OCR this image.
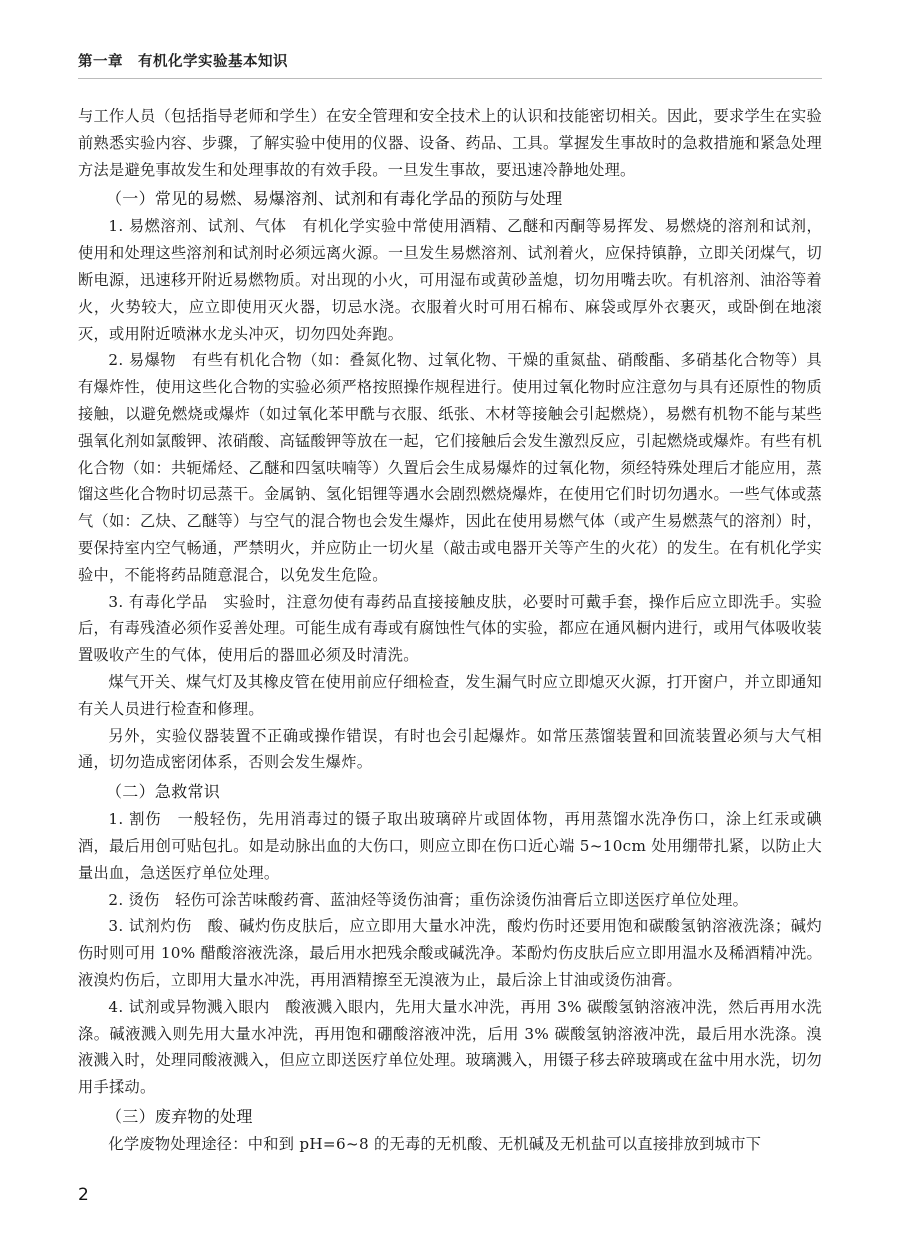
第一章　有机化学实验基本知识

与工作人员（包括指导老师和学生）在安全管理和安全技术上的认识和技能密切相关。因此，要求学生在实验前熟悉实验内容、步骤，了解实验中使用的仪器、设备、药品、工具。掌握发生事故时的急救措施和紧急处理方法是避免事故发生和处理事故的有效手段。一旦发生事故，要迅速冷静地处理。

（一）常见的易燃、易爆溶剂、试剂和有毒化学品的预防与处理

1. 易燃溶剂、试剂、气体　有机化学实验中常使用酒精、乙醚和丙酮等易挥发、易燃烧的溶剂和试剂，使用和处理这些溶剂和试剂时必须远离火源。一旦发生易燃溶剂、试剂着火，应保持镇静，立即关闭煤气，切断电源，迅速移开附近易燃物质。对出现的小火，可用湿布或黄砂盖熄，切勿用嘴去吹。有机溶剂、油浴等着火，火势较大，应立即使用灭火器，切忌水浇。衣服着火时可用石棉布、麻袋或厚外衣裹灭，或卧倒在地滚灭，或用附近喷淋水龙头冲灭，切勿四处奔跑。

2. 易爆物　有些有机化合物（如：叠氮化物、过氧化物、干燥的重氮盐、硝酸酯、多硝基化合物等）具有爆炸性，使用这些化合物的实验必须严格按照操作规程进行。使用过氧化物时应注意勿与具有还原性的物质接触，以避免燃烧或爆炸（如过氧化苯甲酰与衣服、纸张、木材等接触会引起燃烧），易燃有机物不能与某些强氧化剂如氯酸钾、浓硝酸、高锰酸钾等放在一起，它们接触后会发生激烈反应，引起燃烧或爆炸。有些有机化合物（如：共轭烯烃、乙醚和四氢呋喃等）久置后会生成易爆炸的过氧化物，须经特殊处理后才能应用，蒸馏这些化合物时切忌蒸干。金属钠、氢化铝锂等遇水会剧烈燃烧爆炸，在使用它们时切勿遇水。一些气体或蒸气（如：乙炔、乙醚等）与空气的混合物也会发生爆炸，因此在使用易燃气体（或产生易燃蒸气的溶剂）时，要保持室内空气畅通，严禁明火，并应防止一切火星（敲击或电器开关等产生的火花）的发生。在有机化学实验中，不能将药品随意混合，以免发生危险。

3. 有毒化学品　实验时，注意勿使有毒药品直接接触皮肤，必要时可戴手套，操作后应立即洗手。实验后，有毒残渣必须作妥善处理。可能生成有毒或有腐蚀性气体的实验，都应在通风橱内进行，或用气体吸收装置吸收产生的气体，使用后的器皿必须及时清洗。

煤气开关、煤气灯及其橡皮管在使用前应仔细检查，发生漏气时应立即熄灭火源，打开窗户，并立即通知有关人员进行检查和修理。

另外，实验仪器装置不正确或操作错误，有时也会引起爆炸。如常压蒸馏装置和回流装置必须与大气相通，切勿造成密闭体系，否则会发生爆炸。

（二）急救常识

1. 割伤　一般轻伤，先用消毒过的镊子取出玻璃碎片或固体物，再用蒸馏水洗净伤口，涂上红汞或碘酒，最后用创可贴包扎。如是动脉出血的大伤口，则应立即在伤口近心端 5~10cm 处用绷带扎紧，以防止大量出血，急送医疗单位处理。

2. 烫伤　轻伤可涂苦味酸药膏、蓝油烃等烫伤油膏；重伤涂烫伤油膏后立即送医疗单位处理。

3. 试剂灼伤　酸、碱灼伤皮肤后，应立即用大量水冲洗，酸灼伤时还要用饱和碳酸氢钠溶液洗涤；碱灼伤时则可用 10% 醋酸溶液洗涤，最后用水把残余酸或碱洗净。苯酚灼伤皮肤后应立即用温水及稀酒精冲洗。液溴灼伤后，立即用大量水冲洗，再用酒精擦至无溴液为止，最后涂上甘油或烫伤油膏。

4. 试剂或异物溅入眼内　酸液溅入眼内，先用大量水冲洗，再用 3% 碳酸氢钠溶液冲洗，然后再用水洗涤。碱液溅入则先用大量水冲洗，再用饱和硼酸溶液冲洗，后用 3% 碳酸氢钠溶液冲洗，最后用水洗涤。溴液溅入时，处理同酸液溅入，但应立即送医疗单位处理。玻璃溅入，用镊子移去碎玻璃或在盆中用水洗，切勿用手揉动。

（三）废弃物的处理

化学废物处理途径：中和到 pH=6~8 的无毒的无机酸、无机碱及无机盐可以直接排放到城市下

2
